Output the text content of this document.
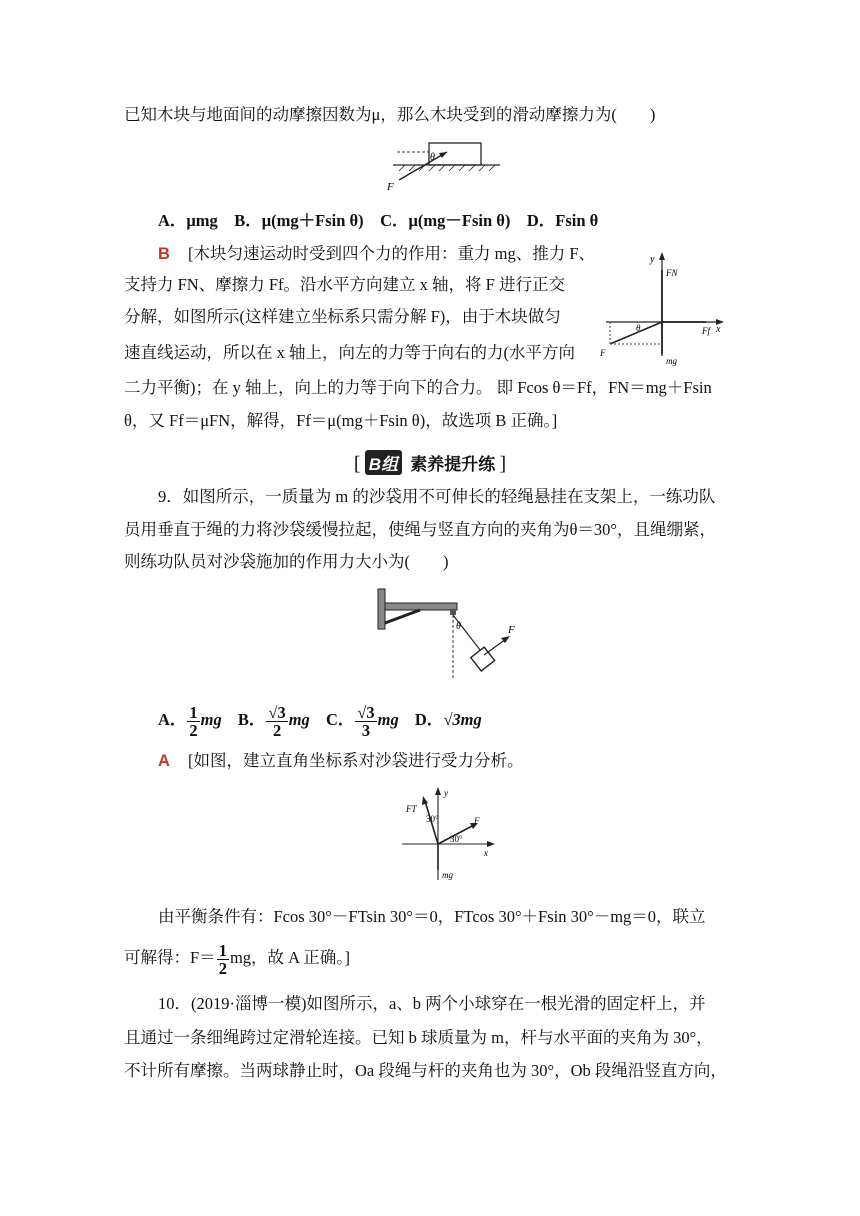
已知木块与地面间的动摩擦因数为μ，那么木块受到的滑动摩擦力为(　　)
θ
F
A．μmg　B．μ(mg＋Fsin θ)　C．μ(mg－Fsin θ)　D．Fsin θ
B [木块匀速运动时受到四个力的作用：重力 mg、推力 F、
支持力 FN、摩擦力 Ff。沿水平方向建立 x 轴，将 F 进行正交
分解，如图所示(这样建立坐标系只需分解 F)，由于木块做匀
速直线运动，所以在 x 轴上，向左的力等于向右的力(水平方向
二力平衡)；在 y 轴上，向上的力等于向下的合力。 即 Fcos θ＝Ff，FN＝mg＋Fsin
θ，又 Ff＝μFN，解得，Ff＝μ(mg＋Fsin θ)，故选项 B 正确。]
y
x
FN
Ff
F
mg
θ
[ B组 素养提升练 ]
9．如图所示，一质量为 m 的沙袋用不可伸长的轻绳悬挂在支架上，一练功队
员用垂直于绳的力将沙袋缓慢拉起，使绳与竖直方向的夹角为θ＝30°，且绳绷紧，
则练功队员对沙袋施加的作用力大小为(　　)
θ	F
A． $\frac{1}{2}$ mg B． $\frac{√3}{2}$ mg C． $\frac{√3}{3}$ mg D．√3mg
A [如图，建立直角坐标系对沙袋进行受力分析。
FT
y
30°	F
30°
x
mg
由平衡条件有：Fcos 30°－FTsin 30°＝0，FTcos 30°＋Fsin 30°－mg＝0，联立
可解得：$F= \frac{1}{2}$ mg，故 A 正确。]
10．(2019·淄博一模)如图所示，a、b 两个小球穿在一根光滑的固定杆上，并
且通过一条细绳跨过定滑轮连接。已知 b 球质量为 m，杆与水平面的夹角为 30°，
不计所有摩擦。当两球静止时，Oa 段绳与杆的夹角也为 30°，Ob 段绳沿竖直方向，
